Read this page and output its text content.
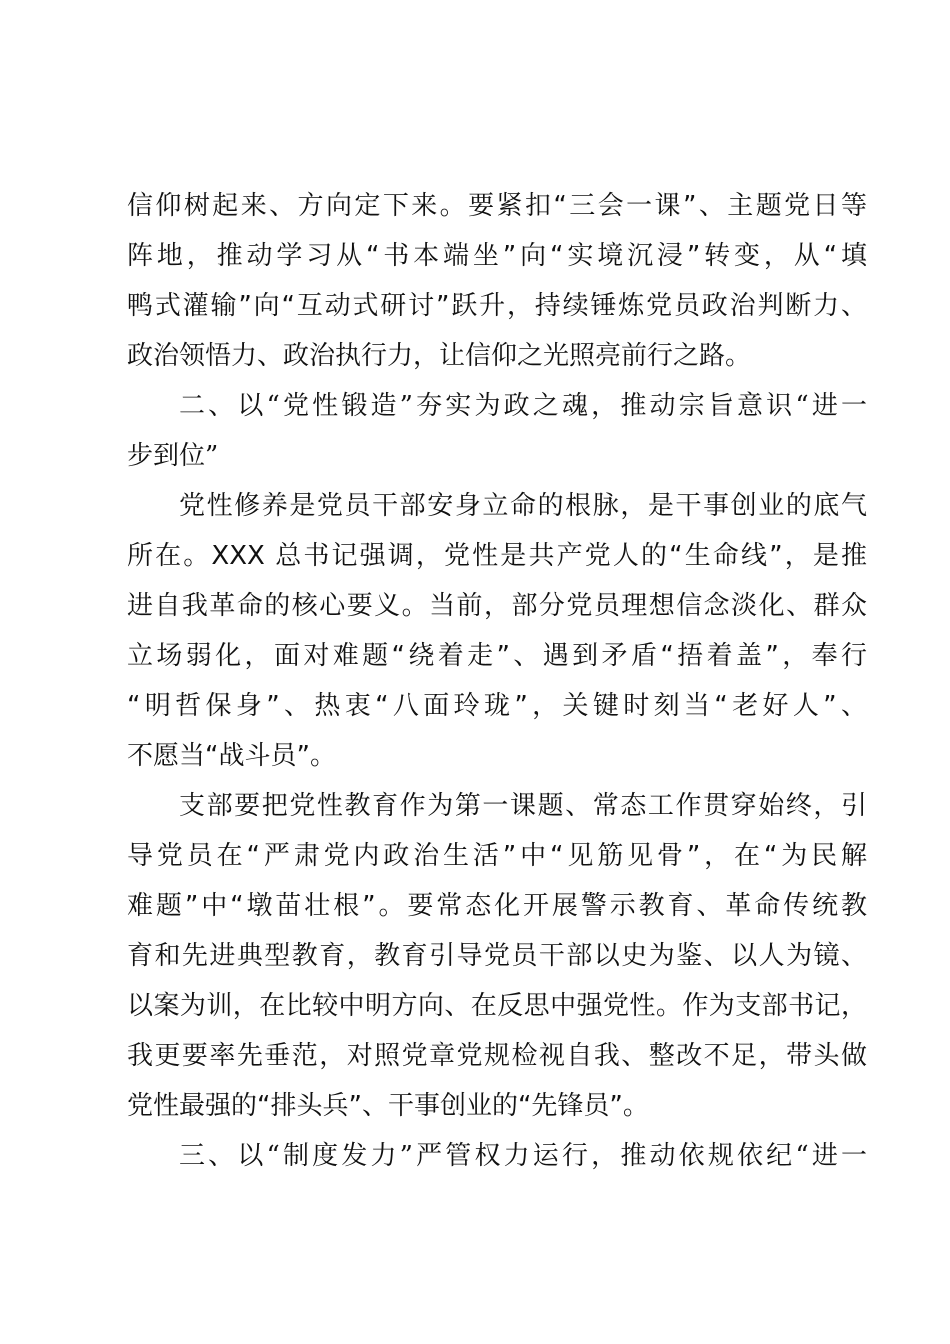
信仰树起来、方向定下来。要紧扣“三会一课”、主题党日等
阵地，推动学习从“书本端坐”向“实境沉浸”转变，从“填
鸭式灌输”向“互动式研讨”跃升，持续锤炼党员政治判断力、
政治领悟力、政治执行力，让信仰之光照亮前行之路。
二、以“党性锻造”夯实为政之魂，推动宗旨意识“进一
步到位”
党性修养是党员干部安身立命的根脉，是干事创业的底气
所在。XXX 总书记强调，党性是共产党人的“生命线”，是推
进自我革命的核心要义。当前，部分党员理想信念淡化、群众
立场弱化，面对难题“绕着走”、遇到矛盾“捂着盖”，奉行
“明哲保身”、热衷“八面玲珑”，关键时刻当“老好人”、
不愿当“战斗员”。
支部要把党性教育作为第一课题、常态工作贯穿始终，引
导党员在“严肃党内政治生活”中“见筋见骨”，在“为民解
难题”中“墩苗壮根”。要常态化开展警示教育、革命传统教
育和先进典型教育，教育引导党员干部以史为鉴、以人为镜、
以案为训，在比较中明方向、在反思中强党性。作为支部书记，
我更要率先垂范，对照党章党规检视自我、整改不足，带头做
党性最强的“排头兵”、干事创业的“先锋员”。
三、以“制度发力”严管权力运行，推动依规依纪“进一
